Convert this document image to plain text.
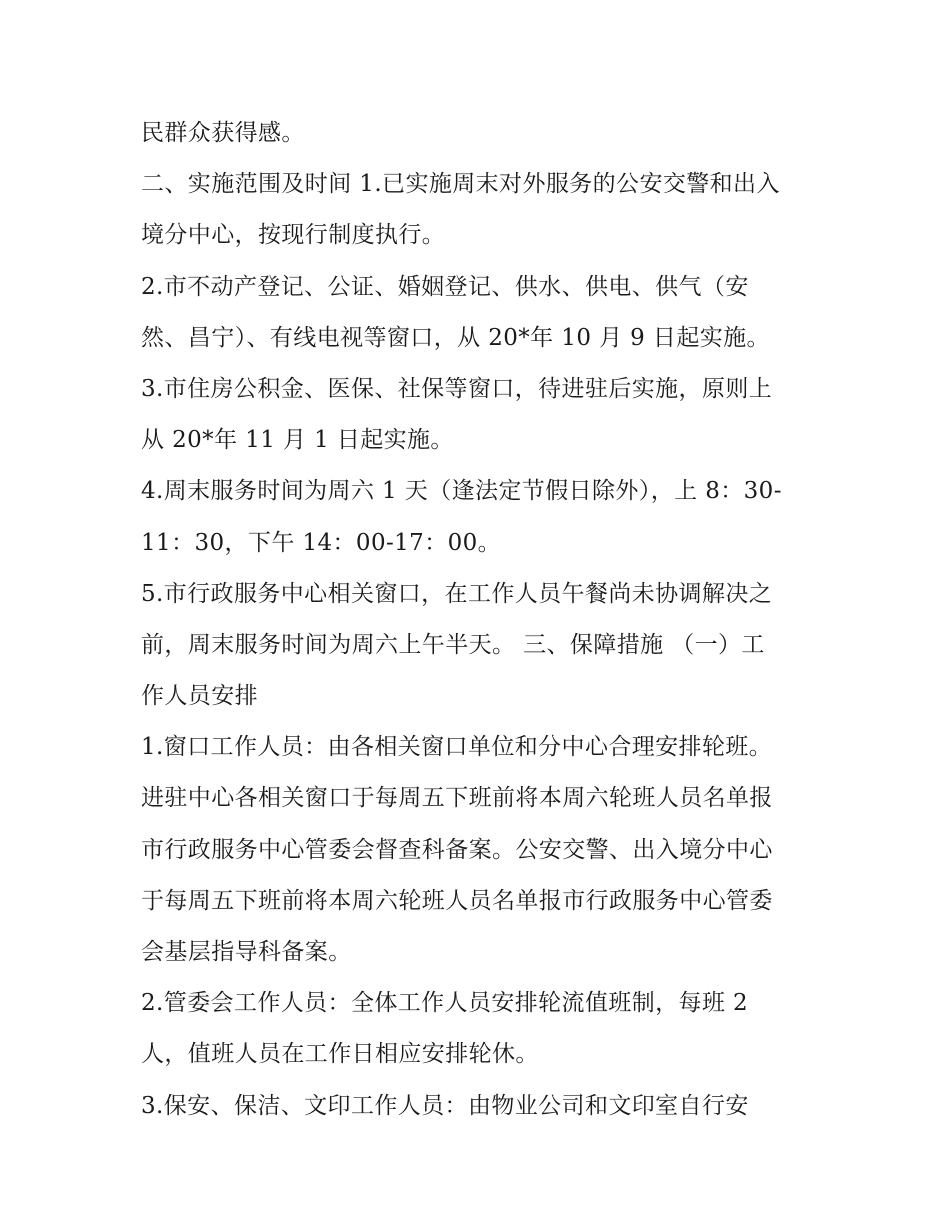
民群众获得感。
二、实施范围及时间 1.已实施周末对外服务的公安交警和出入
境分中心，按现行制度执行。
2.市不动产登记、公证、婚姻登记、供水、供电、供气（安
然、昌宁）、有线电视等窗口，从 20*年 10 月 9 日起实施。
3.市住房公积金、医保、社保等窗口，待进驻后实施，原则上
从 20*年 11 月 1 日起实施。
4.周末服务时间为周六 1 天（逢法定节假日除外），上 8：30-
11：30，下午 14：00-17：00。
5.市行政服务中心相关窗口，在工作人员午餐尚未协调解决之
前，周末服务时间为周六上午半天。 三、保障措施 （一）工
作人员安排
1.窗口工作人员：由各相关窗口单位和分中心合理安排轮班。
进驻中心各相关窗口于每周五下班前将本周六轮班人员名单报
市行政服务中心管委会督查科备案。公安交警、出入境分中心
于每周五下班前将本周六轮班人员名单报市行政服务中心管委
会基层指导科备案。
2.管委会工作人员：全体工作人员安排轮流值班制，每班 2
人，值班人员在工作日相应安排轮休。
3.保安、保洁、文印工作人员：由物业公司和文印室自行安
